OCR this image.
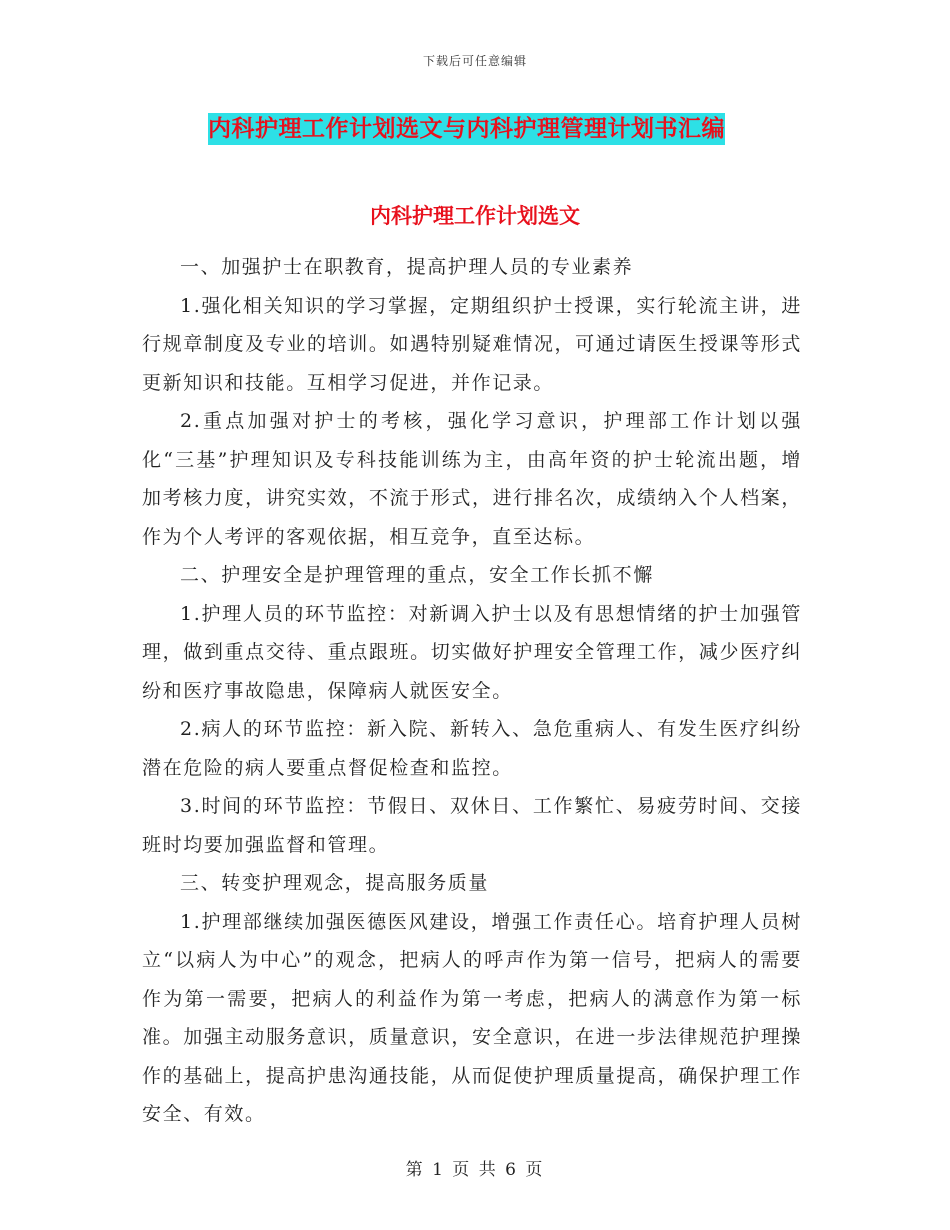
下载后可任意编辑
内科护理工作计划选文与内科护理管理计划书汇编
内科护理工作计划选文

一、加强护士在职教育，提高护理人员的专业素养

1.强化相关知识的学习掌握，定期组织护士授课，实行轮流主讲，进行规章制度及专业的培训。如遇特别疑难情况，可通过请医生授课等形式更新知识和技能。互相学习促进，并作记录。

2.重点加强对护士的考核，强化学习意识，护理部工作计划以强化“三基”护理知识及专科技能训练为主，由高年资的护士轮流出题，增加考核力度，讲究实效，不流于形式，进行排名次，成绩纳入个人档案，作为个人考评的客观依据，相互竞争，直至达标。

二、护理安全是护理管理的重点，安全工作长抓不懈

1.护理人员的环节监控：对新调入护士以及有思想情绪的护士加强管理，做到重点交待、重点跟班。切实做好护理安全管理工作，减少医疗纠纷和医疗事故隐患，保障病人就医安全。

2.病人的环节监控：新入院、新转入、急危重病人、有发生医疗纠纷潜在危险的病人要重点督促检查和监控。

3.时间的环节监控：节假日、双休日、工作繁忙、易疲劳时间、交接班时均要加强监督和管理。

三、转变护理观念，提高服务质量

1.护理部继续加强医德医风建设，增强工作责任心。培育护理人员树立“以病人为中心”的观念，把病人的呼声作为第一信号，把病人的需要作为第一需要，把病人的利益作为第一考虑，把病人的满意作为第一标准。加强主动服务意识，质量意识，安全意识，在进一步法律规范护理操作的基础上，提高护患沟通技能，从而促使护理质量提高，确保护理工作安全、有效。

第 1 页 共 6 页
